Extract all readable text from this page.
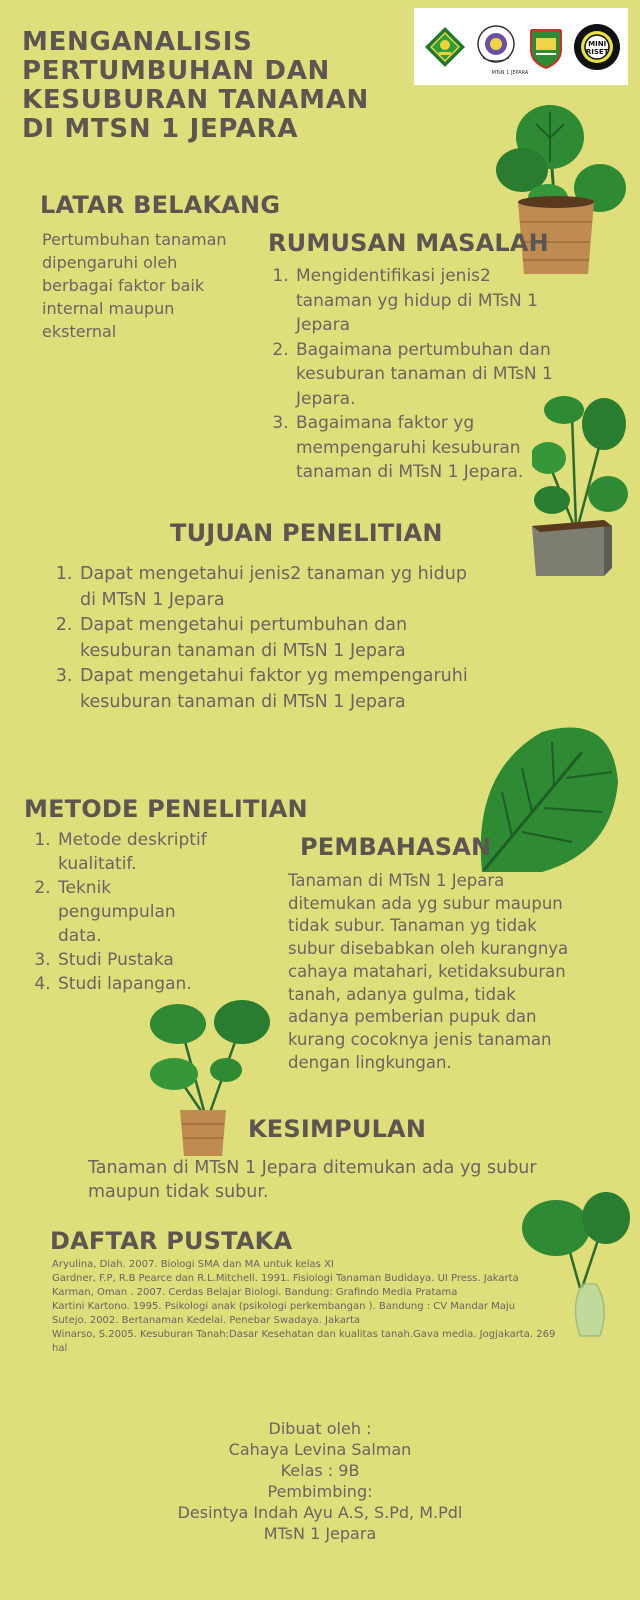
MINI RISET
MTsN 1 JEPARA
MENGANALISIS PERTUMBUHAN DAN KESUBURAN TANAMAN DI MTSN 1 JEPARA
LATAR BELAKANG
Pertumbuhan tanaman dipengaruhi oleh berbagai faktor baik internal maupun eksternal
RUMUSAN MASALAH
1. Mengidentifikasi jenis2 tanaman yg hidup di MTsN 1 Jepara
2. Bagaimana pertumbuhan dan kesuburan tanaman di MTsN 1 Jepara.
3. Bagaimana faktor yg mempengaruhi kesuburan tanaman di MTsN 1 Jepara.
TUJUAN PENELITIAN
1. Dapat mengetahui jenis2 tanaman yg hidup di MTsN 1 Jepara
2. Dapat mengetahui pertumbuhan dan kesuburan tanaman di MTsN 1 Jepara
3. Dapat mengetahui faktor yg mempengaruhi kesuburan tanaman di MTsN 1 Jepara
METODE PENELITIAN
1. Metode deskriptif kualitatif.
2. Teknik pengumpulan data.
3. Studi Pustaka
4. Studi lapangan.
PEMBAHASAN
Tanaman di MTsN 1 Jepara ditemukan ada yg subur maupun tidak subur. Tanaman yg tidak subur disebabkan oleh kurangnya cahaya matahari, ketidaksuburan tanah, adanya gulma, tidak adanya pemberian pupuk dan kurang cocoknya jenis tanaman dengan lingkungan.
KESIMPULAN
Tanaman di MTsN 1 Jepara ditemukan ada yg subur maupun tidak subur.
DAFTAR PUSTAKA
Aryulina, Diah. 2007. Biologi SMA dan MA untuk kelas XI
Gardner, F.P, R.B Pearce dan R.L.Mitchell. 1991. Fisiologi Tanaman Budidaya. UI Press. Jakarta
Karman, Oman . 2007. Cerdas Belajar Biologi. Bandung: Grafindo Media Pratama
Kartini Kartono. 1995. Psikologi anak (psikologi perkembangan ). Bandung : CV Mandar Maju
Sutejo. 2002. Bertanaman Kedelai. Penebar Swadaya. Jakarta
Winarso, S.2005. Kesuburan Tanah:Dasar Kesehatan dan kualitas tanah.Gava media. Jogjakarta. 269 hal
Dibuat oleh :
Cahaya Levina Salman
Kelas : 9B
Pembimbing:
Desintya Indah Ayu A.S, S.Pd, M.Pdl
MTsN 1 Jepara
